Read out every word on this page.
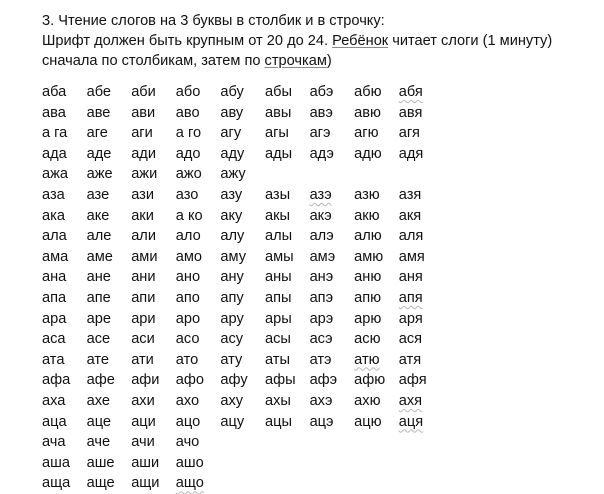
3. Чтение слогов на 3 буквы в столбик и в строчку:
Шрифт должен быть крупным от 20 до 24. Ребёнок читает слоги (1 минуту)
сначала по столбикам, затем по строчкам)
аба абе аби або абу абы абэ абю абя
ава аве ави аво аву авы авэ авю авя
а га аге аги а го агу агы агэ агю агя
ада аде ади адо аду ады адэ адю адя
ажа аже ажи ажо ажу
аза азе ази азо азу азы азэ азю азя
ака аке аки а ко аку акы акэ акю акя
ала але али ало алу алы алэ алю аля
ама аме ами амо аму амы амэ амю амя
ана ане ани ано ану аны анэ аню аня
апа апе апи апо апу апы апэ апю апя
ара аре ари аро ару ары арэ арю аря
аса асе аси асо асу асы асэ асю ася
ата ате ати ато ату аты атэ атю атя
афа афе афи афо афу афы афэ афю афя
аха ахе ахи ахо аху ахы ахэ ахю ахя
аца аце аци ацо ацу ацы ацэ ацю аця
ача аче ачи ачо
аша аше аши ашо
аща аще ащи ащо
